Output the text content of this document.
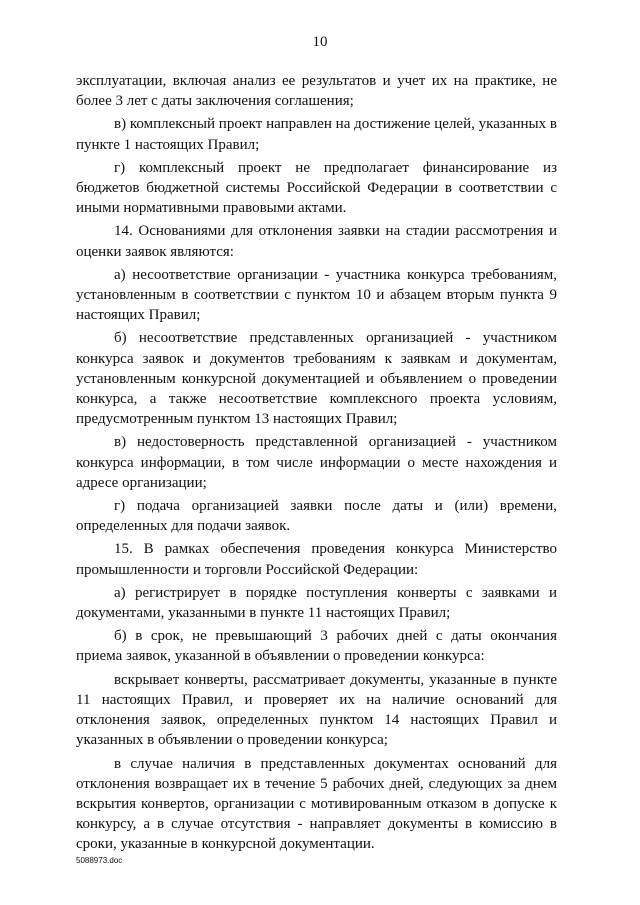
10

эксплуатации, включая анализ ее результатов и учет их на практике, не более 3 лет с даты заключения соглашения;

в) комплексный проект направлен на достижение целей, указанных в пункте 1 настоящих Правил;

г) комплексный проект не предполагает финансирование из бюджетов бюджетной системы Российской Федерации в соответствии с иными нормативными правовыми актами.

14. Основаниями для отклонения заявки на стадии рассмотрения и оценки заявок являются:

а) несоответствие организации - участника конкурса требованиям, установленным в соответствии с пунктом 10 и абзацем вторым пункта 9 настоящих Правил;

б) несоответствие представленных организацией - участником конкурса заявок и документов требованиям к заявкам и документам, установленным конкурсной документацией и объявлением о проведении конкурса, а также несоответствие комплексного проекта условиям, предусмотренным пунктом 13 настоящих Правил;

в) недостоверность представленной организацией - участником конкурса информации, в том числе информации о месте нахождения и адресе организации;

г) подача организацией заявки после даты и (или) времени, определенных для подачи заявок.

15. В рамках обеспечения проведения конкурса Министерство промышленности и торговли Российской Федерации:

а) регистрирует в порядке поступления конверты с заявками и документами, указанными в пункте 11 настоящих Правил;

б) в срок, не превышающий 3 рабочих дней с даты окончания приема заявок, указанной в объявлении о проведении конкурса:

вскрывает конверты, рассматривает документы, указанные в пункте 11 настоящих Правил, и проверяет их на наличие оснований для отклонения заявок, определенных пунктом 14 настоящих Правил и указанных в объявлении о проведении конкурса;

в случае наличия в представленных документах оснований для отклонения возвращает их в течение 5 рабочих дней, следующих за днем вскрытия конвертов, организации с мотивированным отказом в допуске к конкурсу, а в случае отсутствия - направляет документы в комиссию в сроки, указанные в конкурсной документации.

5088973.doc
